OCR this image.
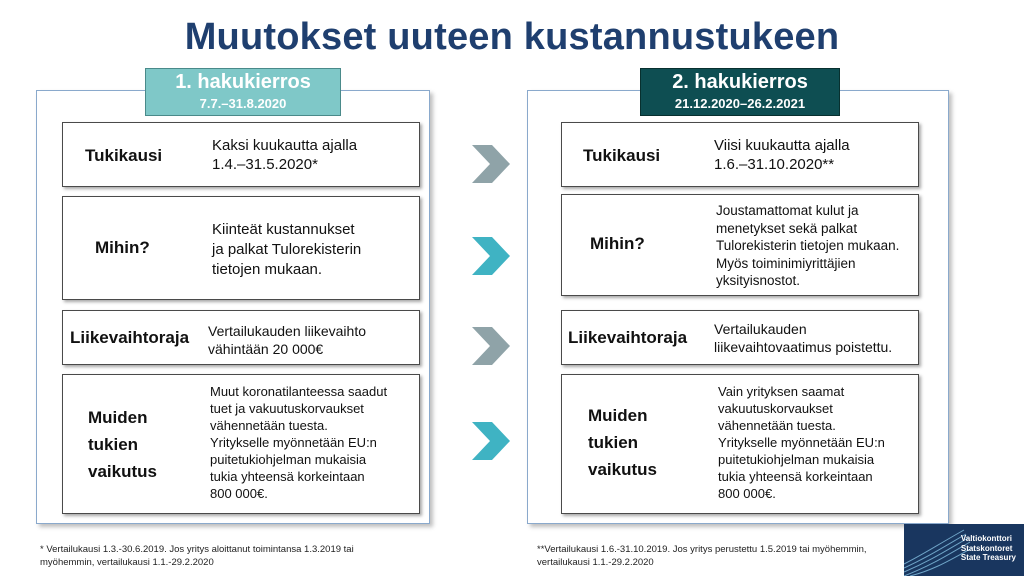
Muutokset uuteen kustannustukeen
1. hakukierros
7.7.–31.8.2020
Tukikausi
Kaksi kuukautta ajalla
1.4.–31.5.2020*
Mihin?
Kiinteät kustannukset
ja palkat Tulorekisterin
tietojen mukaan.
Liikevaihtoraja Vertailukauden liikevaihto
vähintään 20 000€
Muiden
tukien
vaikutus
Muut koronatilanteessa saadut
tuet ja vakuutuskorvaukset
vähennetään tuesta.
Yritykselle myönnetään EU:n
puitetukiohjelman mukaisia
tukia yhteensä korkeintaan
800 000€.
2. hakukierros
21.12.2020–26.2.2021
Tukikausi
Viisi kuukautta ajalla
1.6.–31.10.2020**
Mihin?
Joustamattomat kulut ja
menetykset sekä palkat
Tulorekisterin tietojen mukaan.
Myös toiminimiyrittäjien
yksityisnostot.
Liikevaihtoraja Vertailukauden
liikevaihtovaatimus poistettu.
Muiden
tukien
vaikutus
Vain yrityksen saamat
vakuutuskorvaukset
vähennetään tuesta.
Yritykselle myönnetään EU:n
puitetukiohjelman mukaisia
tukia yhteensä korkeintaan
800 000€.
* Vertailukausi 1.3.-30.6.2019. Jos yritys aloittanut toimintansa 1.3.2019 tai
myöhemmin, vertailukausi 1.1.-29.2.2020
**Vertailukausi 1.6.-31.10.2019. Jos yritys perustettu 1.5.2019 tai myöhemmin,
vertailukausi 1.1.-29.2.2020
Valtiokonttori
Statskontoret
State Treasury
